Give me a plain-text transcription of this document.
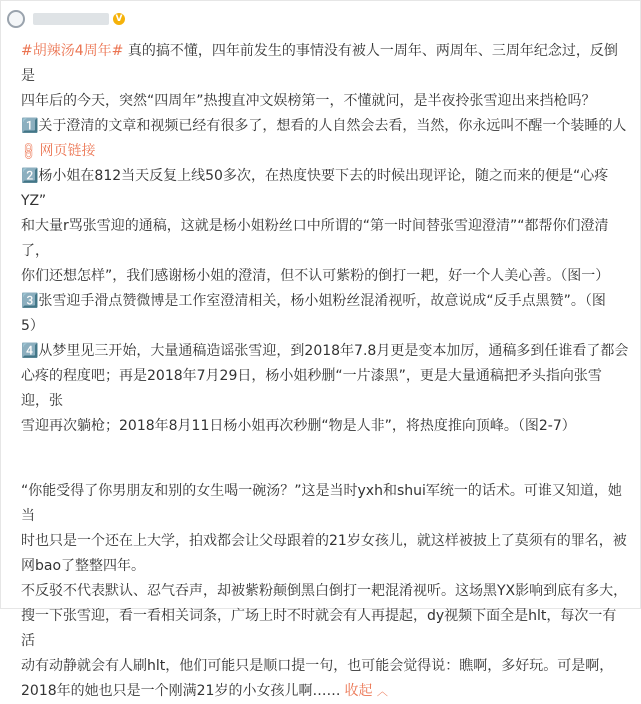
V

#胡辣汤4周年# 真的搞不懂，四年前发生的事情没有被人一周年、两周年、三周年纪念过，反倒是
四年后的今天，突然“四周年”热搜直冲文娱榜第一，不懂就问，是半夜拎张雪迎出来挡枪吗？

1️⃣关于澄清的文章和视频已经有很多了，想看的人自然会去看，当然，你永远叫不醒一个装睡的人

🔗︎网页链接

2️⃣杨小姐在812当天反复上线50多次，在热度快要下去的时候出现评论，随之而来的便是“心疼YZ”
和大量r骂张雪迎的通稿，这就是杨小姐粉丝口中所谓的“第一时间替张雪迎澄清”“都帮你们澄清了，
你们还想怎样”，我们感谢杨小姐的澄清，但不认可紫粉的倒打一耙，好一个人美心善。（图一）

3️⃣张雪迎手滑点赞微博是工作室澄清相关，杨小姐粉丝混淆视听，故意说成“反手点黑赞”。（图
5）

4️⃣从梦里见三开始，大量通稿造谣张雪迎，到2018年7.8月更是变本加厉，通稿多到任谁看了都会
心疼的程度吧；再是2018年7月29日，杨小姐秒删“一片漆黑”，更是大量通稿把矛头指向张雪迎，张
雪迎再次躺枪；2018年8月11日杨小姐再次秒删“物是人非”，将热度推向顶峰。（图2-7）

“你能受得了你男朋友和别的女生喝一碗汤？”这是当时yxh和shui军统一的话术。可谁又知道，她当
时也只是一个还在上大学，拍戏都会让父母跟着的21岁女孩儿，就这样被披上了莫须有的罪名，被
网bao了整整四年。

不反驳不代表默认、忍气吞声，却被紫粉颠倒黑白倒打一耙混淆视听。这场黑YX影响到底有多大，
搜一下张雪迎，看一看相关词条，广场上时不时就会有人再提起，dy视频下面全是hlt，每次一有活
动有动静就会有人刷hlt，他们可能只是顺口提一句，也可能会觉得说：瞧啊，多好玩。可是啊，
2018年的她也只是一个刚满21岁的小女孩儿啊…… 收起 ︿
